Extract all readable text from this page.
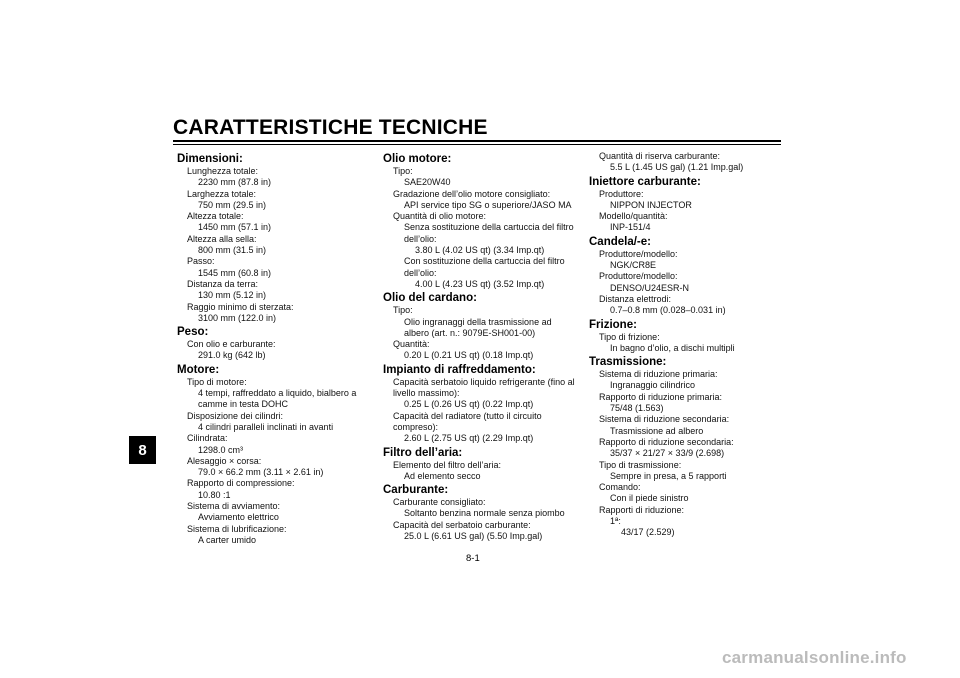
CARATTERISTICHE TECNICHE
8
Dimensioni:
Lunghezza totale:
2230 mm (87.8 in)
Larghezza totale:
750 mm (29.5 in)
Altezza totale:
1450 mm (57.1 in)
Altezza alla sella:
800 mm (31.5 in)
Passo:
1545 mm (60.8 in)
Distanza da terra:
130 mm (5.12 in)
Raggio minimo di sterzata:
3100 mm (122.0 in)
Peso:
Con olio e carburante:
291.0 kg (642 lb)
Motore:
Tipo di motore:
4 tempi, raffreddato a liquido, bialbero a
camme in testa DOHC
Disposizione dei cilindri:
4 cilindri paralleli inclinati in avanti
Cilindrata:
1298.0 cm³
Alesaggio × corsa:
79.0 × 66.2 mm (3.11 × 2.61 in)
Rapporto di compressione:
10.80 :1
Sistema di avviamento:
Avviamento elettrico
Sistema di lubrificazione:
A carter umido
Olio motore:
Tipo:
SAE20W40
Gradazione dell’olio motore consigliato:
API service tipo SG o superiore/JASO MA
Quantità di olio motore:
Senza sostituzione della cartuccia del filtro
dell’olio:
3.80 L (4.02 US qt) (3.34 Imp.qt)
Con sostituzione della cartuccia del filtro
dell’olio:
4.00 L (4.23 US qt) (3.52 Imp.qt)
Olio del cardano:
Tipo:
Olio ingranaggi della trasmissione ad
albero (art. n.: 9079E-SH001-00)
Quantità:
0.20 L (0.21 US qt) (0.18 Imp.qt)
Impianto di raffreddamento:
Capacità serbatoio liquido refrigerante (fino al
livello massimo):
0.25 L (0.26 US qt) (0.22 Imp.qt)
Capacità del radiatore (tutto il circuito
compreso):
2.60 L (2.75 US qt) (2.29 Imp.qt)
Filtro dell’aria:
Elemento del filtro dell’aria:
Ad elemento secco
Carburante:
Carburante consigliato:
Soltanto benzina normale senza piombo
Capacità del serbatoio carburante:
25.0 L (6.61 US gal) (5.50 Imp.gal)
Quantità di riserva carburante:
5.5 L (1.45 US gal) (1.21 Imp.gal)
Iniettore carburante:
Produttore:
NIPPON INJECTOR
Modello/quantità:
INP-151/4
Candela/-e:
Produttore/modello:
NGK/CR8E
Produttore/modello:
DENSO/U24ESR-N
Distanza elettrodi:
0.7–0.8 mm (0.028–0.031 in)
Frizione:
Tipo di frizione:
In bagno d’olio, a dischi multipli
Trasmissione:
Sistema di riduzione primaria:
Ingranaggio cilindrico
Rapporto di riduzione primaria:
75/48 (1.563)
Sistema di riduzione secondaria:
Trasmissione ad albero
Rapporto di riduzione secondaria:
35/37 × 21/27 × 33/9 (2.698)
Tipo di trasmissione:
Sempre in presa, a 5 rapporti
Comando:
Con il piede sinistro
Rapporti di riduzione:
1ª:
43/17 (2.529)
8-1
carmanualsonline.info
